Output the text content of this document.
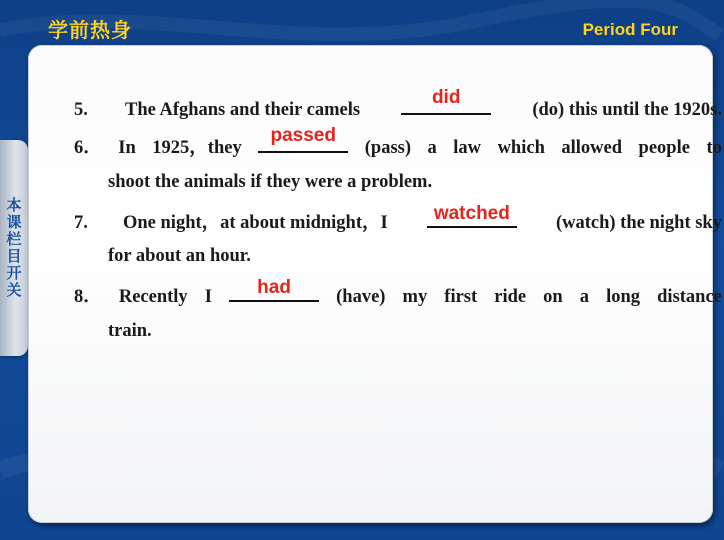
学前热身	Period Four
本
课
栏
目
开
关
5. The Afghans and their camels
did
(do) this until the 1920s.
6． In 1925，they
passed
(pass) a law which allowed people to
shoot the animals if they were a problem.
7. One night，at about midnight，I	watched	(watch) the night sky
for about an hour.
8． Recently I	had	(have) my first ride on a long distance
train.
